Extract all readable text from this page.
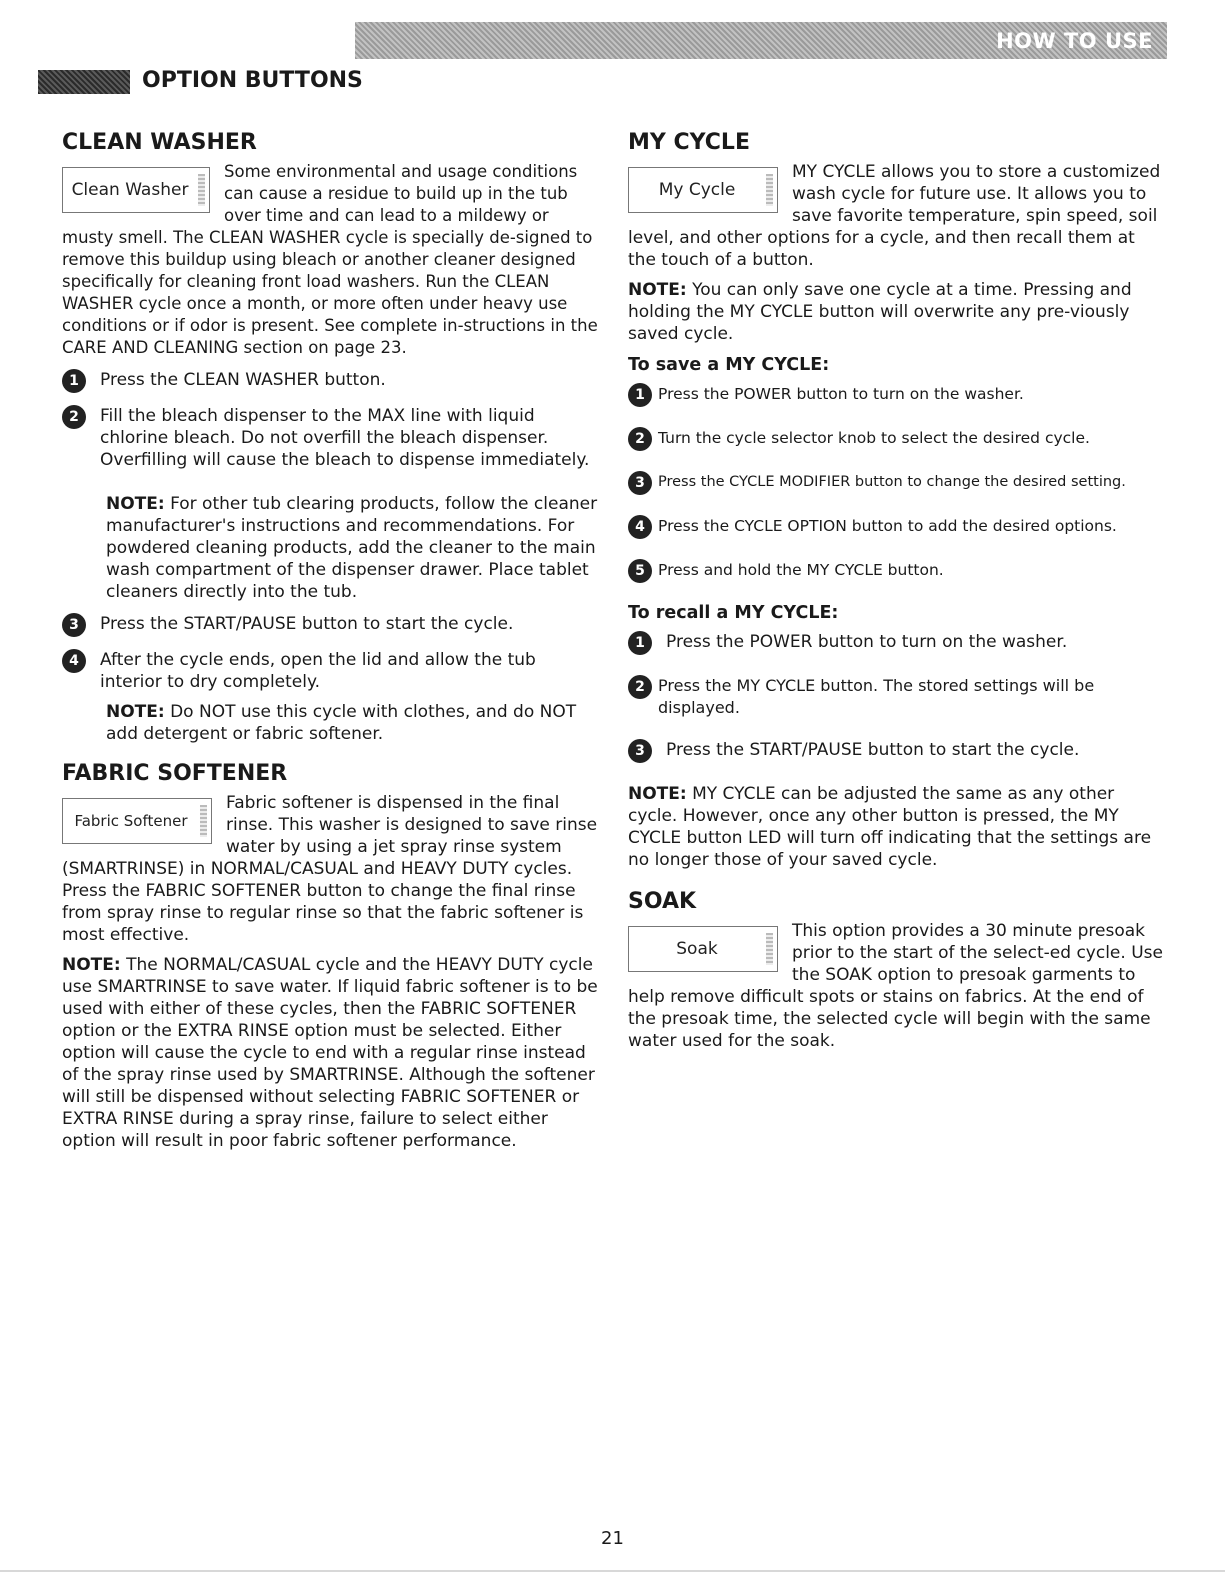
HOW TO USE
OPTION BUTTONS
CLEAN WASHER
Clean Washer

Some environmental and usage conditions can cause a residue to build up in the tub over time and can lead to a mildewy or musty smell. The CLEAN WASHER cycle is specially de-signed to remove this buildup using bleach or another cleaner designed specifically for cleaning front load washers. Run the CLEAN WASHER cycle once a month, or more often under heavy use conditions or if odor is present. See complete in-structions in the CARE AND CLEANING section on page 23.

1	Press the CLEAN WASHER button.
2	Fill the bleach dispenser to the MAX line with liquid chlorine bleach. Do not overfill the bleach dispenser. Overfilling will cause the bleach to dispense immediately.

NOTE: For other tub clearing products, follow the cleaner manufacturer's instructions and recommendations. For powdered cleaning products, add the cleaner to the main wash compartment of the dispenser drawer. Place tablet cleaners directly into the tub.

3	Press the START/PAUSE button to start the cycle.
4	After the cycle ends, open the lid and allow the tub interior to dry completely.

NOTE: Do NOT use this cycle with clothes, and do NOT add detergent or fabric softener.

FABRIC SOFTENER
Fabric Softener

Fabric softener is dispensed in the final rinse. This washer is designed to save rinse water by using a jet spray rinse system (SMARTRINSE) in NORMAL/CASUAL and HEAVY DUTY cycles. Press the FABRIC SOFTENER button to change the final rinse from spray rinse to regular rinse so that the fabric softener is most effective.

NOTE: The NORMAL/CASUAL cycle and the HEAVY DUTY cycle use SMARTRINSE to save water. If liquid fabric softener is to be used with either of these cycles, then the FABRIC SOFTENER option or the EXTRA RINSE option must be selected. Either option will cause the cycle to end with a regular rinse instead of the spray rinse used by SMARTRINSE. Although the softener will still be dispensed without selecting FABRIC SOFTENER or EXTRA RINSE during a spray rinse, failure to select either option will result in poor fabric softener performance.

MY CYCLE
My Cycle

MY CYCLE allows you to store a customized wash cycle for future use. It allows you to save favorite temperature, spin speed, soil level, and other options for a cycle, and then recall them at the touch of a button.

NOTE: You can only save one cycle at a time. Pressing and holding the MY CYCLE button will overwrite any pre-viously saved cycle.

To save a MY CYCLE:
1 Press the POWER button to turn on the washer.
2 Turn the cycle selector knob to select the desired cycle.
3 Press the CYCLE MODIFIER button to change the desired setting.
4 Press the CYCLE OPTION button to add the desired options.
5 Press and hold the MY CYCLE button.
To recall a MY CYCLE:
1	Press the POWER button to turn on the washer.
2 Press the MY CYCLE button. The stored settings will be displayed.
3	Press the START/PAUSE button to start the cycle.

NOTE: MY CYCLE can be adjusted the same as any other cycle. However, once any other button is pressed, the MY CYCLE button LED will turn off indicating that the settings are no longer those of your saved cycle.

SOAK
Soak

This option provides a 30 minute presoak prior to the start of the select-ed cycle. Use the SOAK option to presoak garments to help remove difficult spots or stains on fabrics. At the end of the presoak time, the selected cycle will begin with the same water used for the soak.

21
